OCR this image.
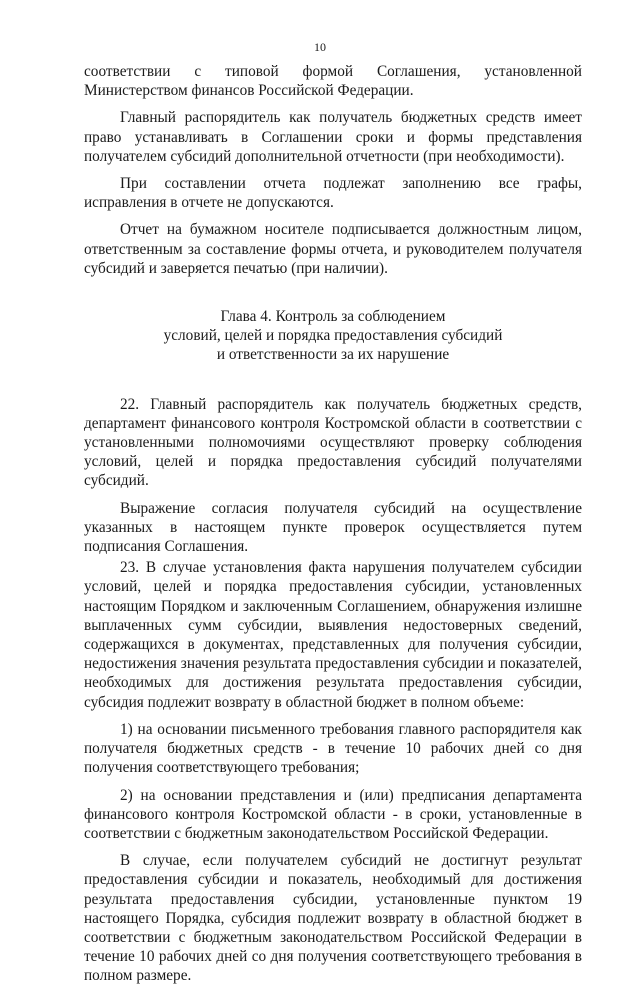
10

соответствии с типовой формой Соглашения, установленной Министерством финансов Российской Федерации.

Главный распорядитель как получатель бюджетных средств имеет право устанавливать в Соглашении сроки и формы представления получателем субсидий дополнительной отчетности (при необходимости).

При составлении отчета подлежат заполнению все графы, исправления в отчете не допускаются.

Отчет на бумажном носителе подписывается должностным лицом, ответственным за составление формы отчета, и руководителем получателя субсидий и заверяется печатью (при наличии).

Глава 4. Контроль за соблюдением
условий, целей и порядка предоставления субсидий
и ответственности за их нарушение

22. Главный распорядитель как получатель бюджетных средств, департамент финансового контроля Костромской области в соответствии с установленными полномочиями осуществляют проверку соблюдения условий, целей и порядка предоставления субсидий получателями субсидий.

Выражение согласия получателя субсидий на осуществление указанных в настоящем пункте проверок осуществляется путем подписания Соглашения.

23. В случае установления факта нарушения получателем субсидии условий, целей и порядка предоставления субсидии, установленных настоящим Порядком и заключенным Соглашением, обнаружения излишне выплаченных сумм субсидии, выявления недостоверных сведений, содержащихся в документах, представленных для получения субсидии, недостижения значения результата предоставления субсидии и показателей, необходимых для достижения результата предоставления субсидии, субсидия подлежит возврату в областной бюджет в полном объеме:

1) на основании письменного требования главного распорядителя как получателя бюджетных средств - в течение 10 рабочих дней со дня получения соответствующего требования;

2) на основании представления и (или) предписания департамента финансового контроля Костромской области - в сроки, установленные в соответствии с бюджетным законодательством Российской Федерации.

В случае, если получателем субсидий не достигнут результат предоставления субсидии и показатель, необходимый для достижения результата предоставления субсидии, установленные пунктом 19 настоящего Порядка, субсидия подлежит возврату в областной бюджет в соответствии с бюджетным законодательством Российской Федерации в течение 10 рабочих дней со дня получения соответствующего требования в полном размере.
